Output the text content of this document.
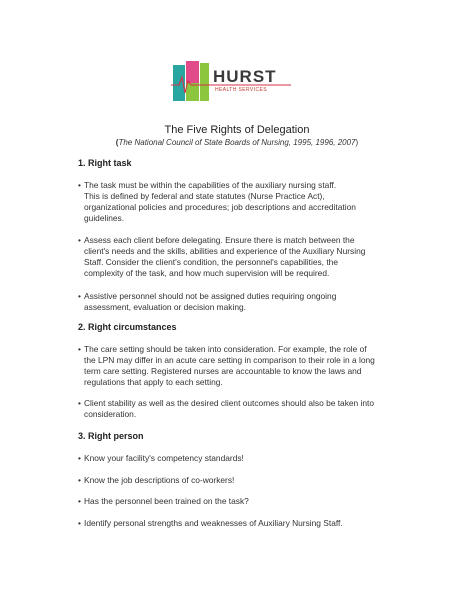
HURST
HEALTH SERVICES
The Five Rights of Delegation
(The National Council of State Boards of Nursing, 1995, 1996, 2007)
1. Right task
• The task must be within the capabilities of the auxiliary nursing staff.
This is defined by federal and state statutes (Nurse Practice Act),
organizational policies and procedures; job descriptions and accreditation
guidelines.
• Assess each client before delegating. Ensure there is match between the
client's needs and the skills, abilities and experience of the Auxiliary Nursing
Staff. Consider the client's condition, the personnel's capabilities, the
complexity of the task, and how much supervision will be required.
• Assistive personnel should not be assigned duties requiring ongoing
assessment, evaluation or decision making.
2. Right circumstances
• The care setting should be taken into consideration. For example, the role of
the LPN may differ in an acute care setting in comparison to their role in a long
term care setting. Registered nurses are accountable to know the laws and
regulations that apply to each setting.
• Client stability as well as the desired client outcomes should also be taken into
consideration.
3. Right person
• Know your facility's competency standards!
• Know the job descriptions of co-workers!
• Has the personnel been trained on the task?
• Identify personal strengths and weaknesses of Auxiliary Nursing Staff.
